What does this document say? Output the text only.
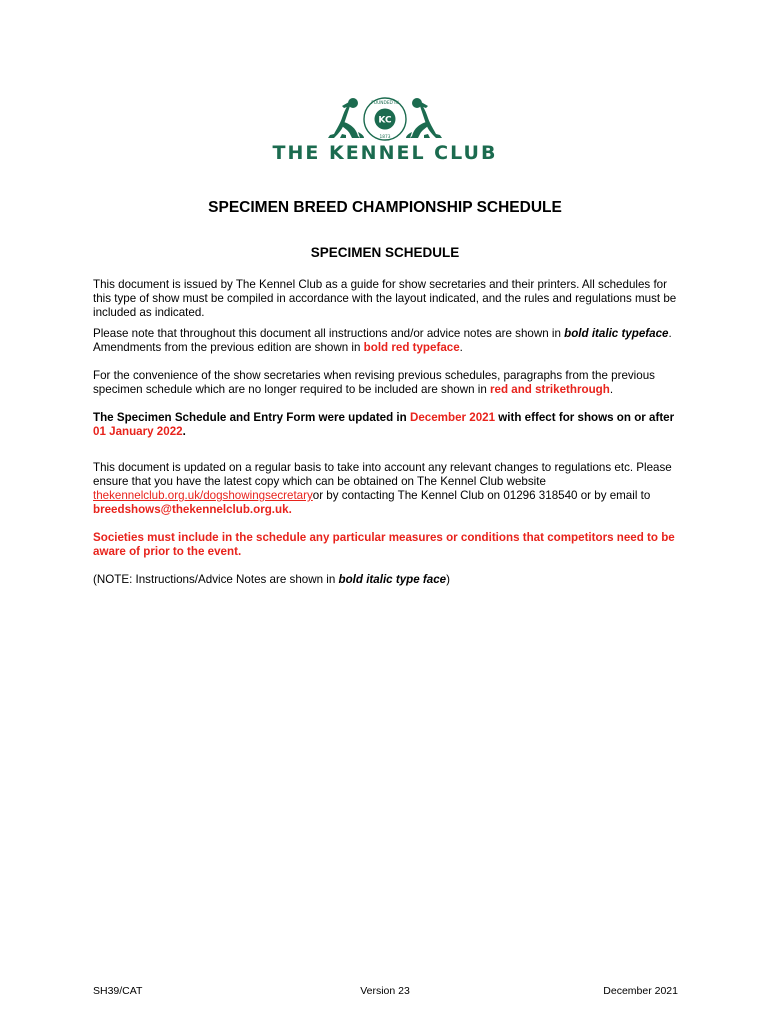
KC
FOUNDED IN
1873
THE KENNEL CLUB
SPECIMEN BREED CHAMPIONSHIP SCHEDULE
SPECIMEN SCHEDULE

This document is issued by The Kennel Club as a guide for show secretaries and their printers. All schedules for this type of show must be compiled in accordance with the layout indicated, and the rules and regulations must be included as indicated.

Please note that throughout this document all instructions and/or advice notes are shown in bold italic typeface. Amendments from the previous edition are shown in bold red typeface.

For the convenience of the show secretaries when revising previous schedules, paragraphs from the previous specimen schedule which are no longer required to be included are shown in red and strikethrough.

The Specimen Schedule and Entry Form were updated in December 2021 with effect for shows on or after 01 January 2022.

This document is updated on a regular basis to take into account any relevant changes to regulations etc. Please ensure that you have the latest copy which can be obtained on The Kennel Club website thekennelclub.org.uk/dogshowingsecretaryor by contacting The Kennel Club on 01296 318540 or by email to breedshows@thekennelclub.org.uk.

Societies must include in the schedule any particular measures or conditions that competitors need to be aware of prior to the event.

(NOTE: Instructions/Advice Notes are shown in bold italic type face)

SH39/CAT	Version 23	December 2021
